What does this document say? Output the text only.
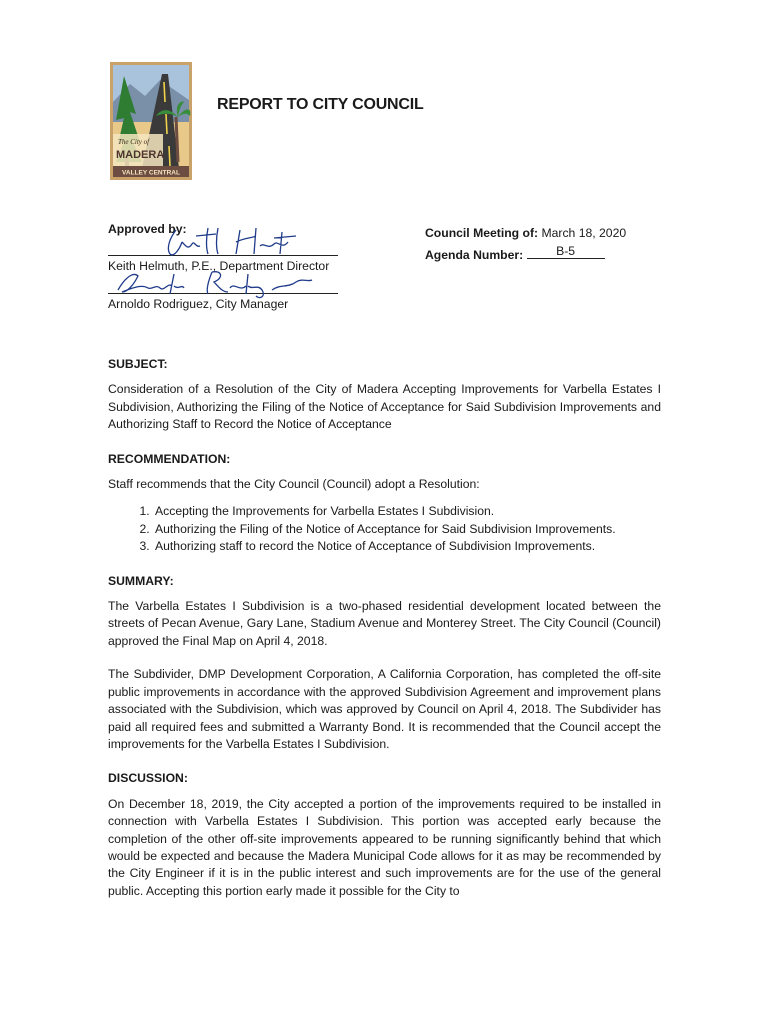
The City of
MADERA
VALLEY CENTRAL
REPORT TO CITY COUNCIL
Approved by:
Keith Helmuth, P.E., Department Director
Arnoldo Rodriguez, City Manager
Council Meeting of: March 18, 2020
Agenda Number:	B-5
SUBJECT:

Consideration of a Resolution of the City of Madera Accepting Improvements for Varbella Estates I Subdivision, Authorizing the Filing of the Notice of Acceptance for Said Subdivision Improvements and Authorizing Staff to Record the Notice of Acceptance

RECOMMENDATION:

Staff recommends that the City Council (Council) adopt a Resolution:

1. Accepting the Improvements for Varbella Estates I Subdivision.
2. Authorizing the Filing of the Notice of Acceptance for Said Subdivision Improvements.
3. Authorizing staff to record the Notice of Acceptance of Subdivision Improvements.
SUMMARY:

The Varbella Estates I Subdivision is a two-phased residential development located between the streets of Pecan Avenue, Gary Lane, Stadium Avenue and Monterey Street. The City Council (Council) approved the Final Map on April 4, 2018.

The Subdivider, DMP Development Corporation, A California Corporation, has completed the off-site public improvements in accordance with the approved Subdivision Agreement and improvement plans associated with the Subdivision, which was approved by Council on April 4, 2018. The Subdivider has paid all required fees and submitted a Warranty Bond. It is recommended that the Council accept the improvements for the Varbella Estates I Subdivision.

DISCUSSION:

On December 18, 2019, the City accepted a portion of the improvements required to be installed in connection with Varbella Estates I Subdivision. This portion was accepted early because the completion of the other off-site improvements appeared to be running significantly behind that which would be expected and because the Madera Municipal Code allows for it as may be recommended by the City Engineer if it is in the public interest and such improvements are for the use of the general public. Accepting this portion early made it possible for the City to
